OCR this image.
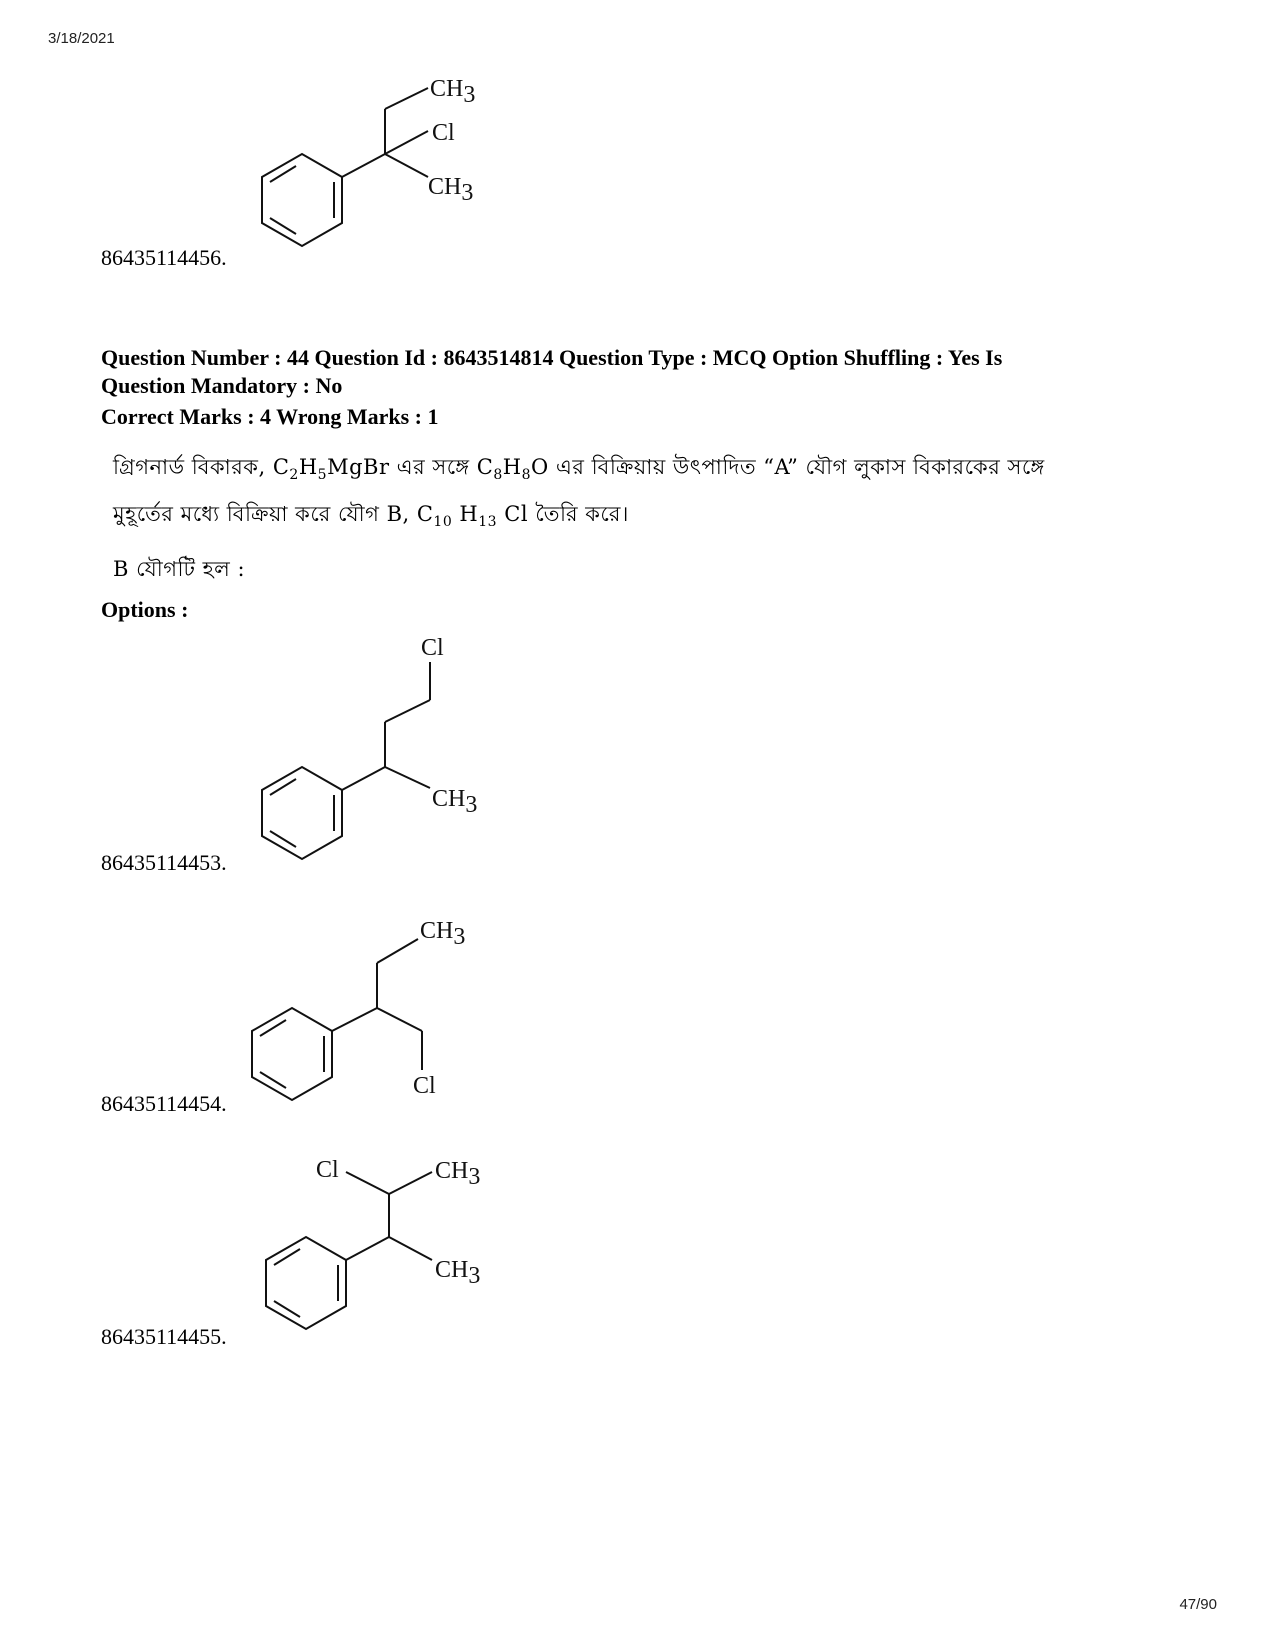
3/18/2021
CH3
Cl
CH3
86435114456.
Question Number : 44 Question Id : 8643514814 Question Type : MCQ Option Shuffling : Yes Is
Question Mandatory : No
Correct Marks : 4 Wrong Marks : 1
গ্রিগনার্ড বিকারক, $C_2H_5MgBr$ এর সঙ্গে $C_8H_8O$ এর বিক্রিয়ায় উৎপাদিত “A” যৌগ লুকাস বিকারকের সঙ্গে
মুহূর্তের মধ্যে বিক্রিয়া করে যৌগ B, $C_{10}$ $H_{13}$ Cl তৈরি করে।
B যৌগটি হল :
Options :
Cl
CH3
86435114453.
CH3
Cl
86435114454.
Cl	CH3
CH3
86435114455.
47/90
